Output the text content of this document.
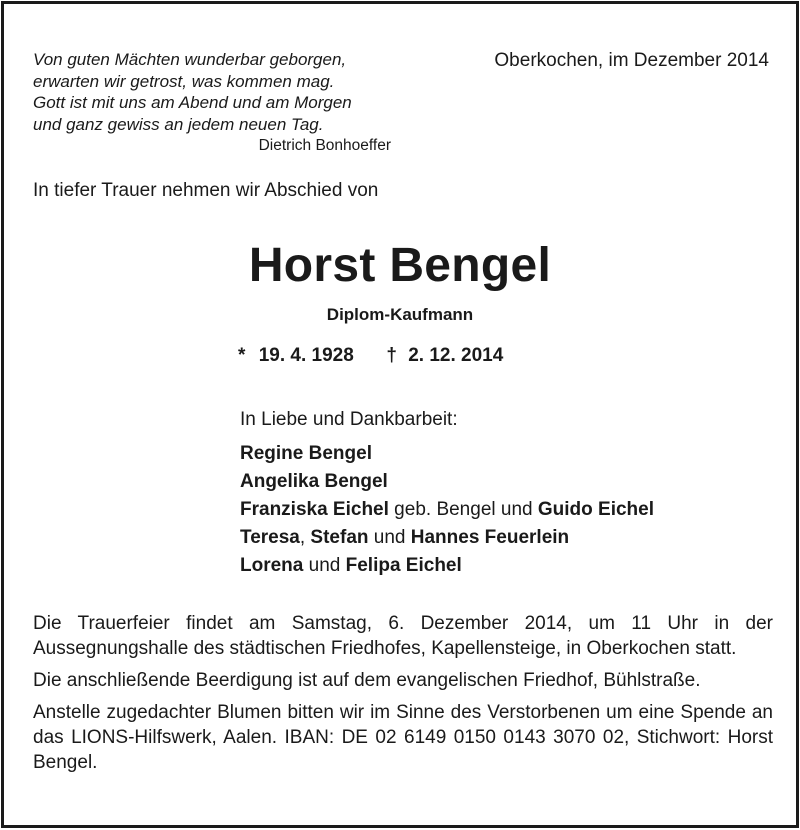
Von guten Mächten wunderbar geborgen,
erwarten wir getrost, was kommen mag.
Gott ist mit uns am Abend und am Morgen
und ganz gewiss an jedem neuen Tag.
Dietrich Bonhoeffer
Oberkochen, im Dezember 2014
In tiefer Trauer nehmen wir Abschied von
Horst Bengel
Diplom-Kaufmann
* 19. 4. 1928 † 2. 12. 2014
In Liebe und Dankbarbeit:
Regine Bengel
Angelika Bengel
Franziska Eichel geb. Bengel und Guido Eichel
Teresa, Stefan und Hannes Feuerlein
Lorena und Felipa Eichel

Die Trauerfeier findet am Samstag, 6. Dezember 2014, um 11 Uhr in der Aussegnungshalle des städtischen Friedhofes, Kapellensteige, in Oberkochen statt.

Die anschließende Beerdigung ist auf dem evangelischen Friedhof, Bühlstraße.

Anstelle zugedachter Blumen bitten wir im Sinne des Verstorbenen um eine Spende an das LIONS-Hilfswerk, Aalen. IBAN: DE 02 6149 0150 0143 3070 02, Stichwort: Horst Bengel.
